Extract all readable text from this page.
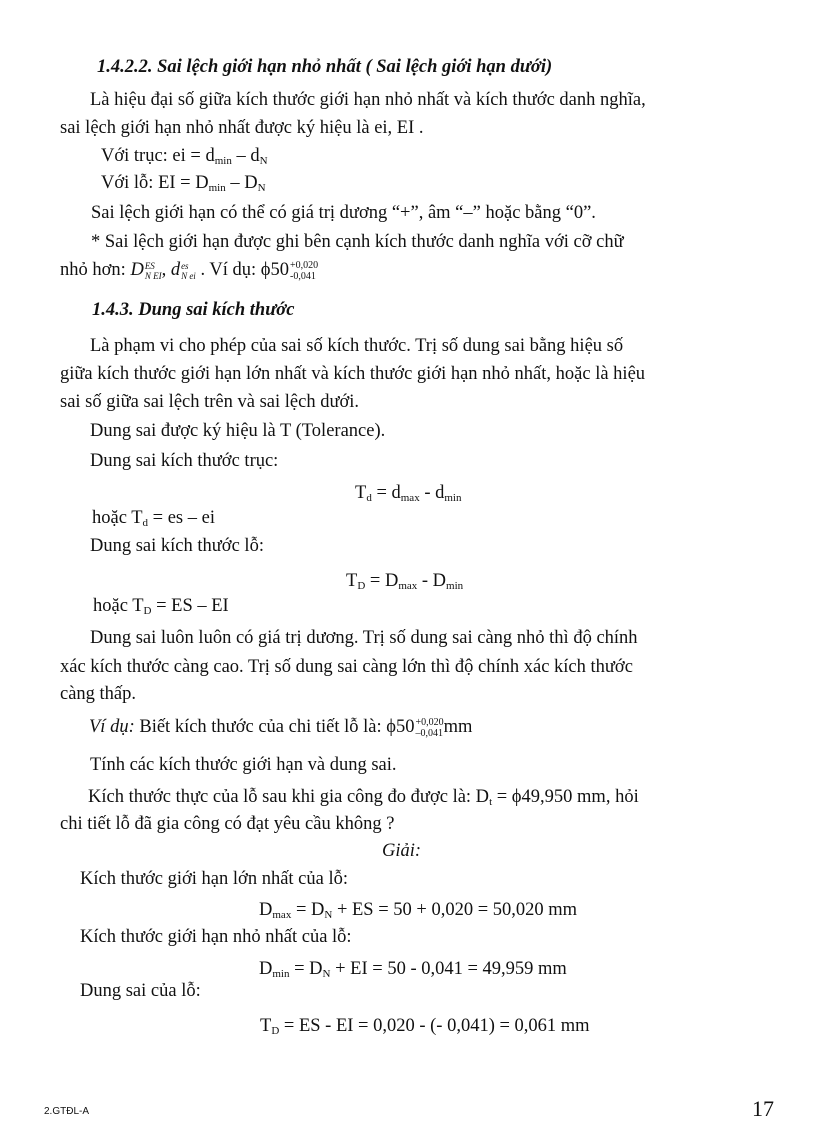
1.4.2.2. Sai lệch giới hạn nhỏ nhất ( Sai lệch giới hạn dưới)
Là hiệu đại số giữa kích thước giới hạn nhỏ nhất và kích thước danh nghĩa,
sai lệch giới hạn nhỏ nhất được ký hiệu là ei, EI .
Với trục: ei = $d_{min} - d_N$
Với lỗ: EI = $D_{min} - D_N$
Sai lệch giới hạn có thể có giá trị dương “+”, âm “–” hoặc bằng “0”.
* Sai lệch giới hạn được ghi bên cạnh kích thước danh nghĩa với cỡ chữ
nhỏ hơn: D ES
N EI , d es
N ei . Ví dụ: ϕ50 +0,020
-0,041
1.4.3. Dung sai kích thước
Là phạm vi cho phép của sai số kích thước. Trị số dung sai bằng hiệu số
giữa kích thước giới hạn lớn nhất và kích thước giới hạn nhỏ nhất, hoặc là hiệu
sai số giữa sai lệch trên và sai lệch dưới.
Dung sai được ký hiệu là T (Tolerance).
Dung sai kích thước trục:
$T_d = d_{max} - d_{min}$
hoặc $T_d$ = es – ei
Dung sai kích thước lỗ:
$T_D = D_{max} - D_{min}$
hoặc $T_D$ = ES – EI
Dung sai luôn luôn có giá trị dương. Trị số dung sai càng nhỏ thì độ chính
xác kích thước càng cao. Trị số dung sai càng lớn thì độ chính xác kích thước
càng thấp.
Ví dụ: Biết kích thước của chi tiết lỗ là: ϕ50 +0,020
–0,041 mm
Tính các kích thước giới hạn và dung sai.
Kích thước thực của lỗ sau khi gia công đo được là: $D_t = \phi 49,950$ mm, hỏi
chi tiết lỗ đã gia công có đạt yêu cầu không ?
Giải:
Kích thước giới hạn lớn nhất của lỗ:
$D_{max} = D_N$ + ES = 50 + 0,020 = 50,020 mm
Kích thước giới hạn nhỏ nhất của lỗ:
$D_{min} = D_N$ + EI = 50 - 0,041 = 49,959 mm
Dung sai của lỗ:
$T_D$ = ES - EI = 0,020 - (- 0,041) = 0,061 mm
2.GTĐL-A	17
